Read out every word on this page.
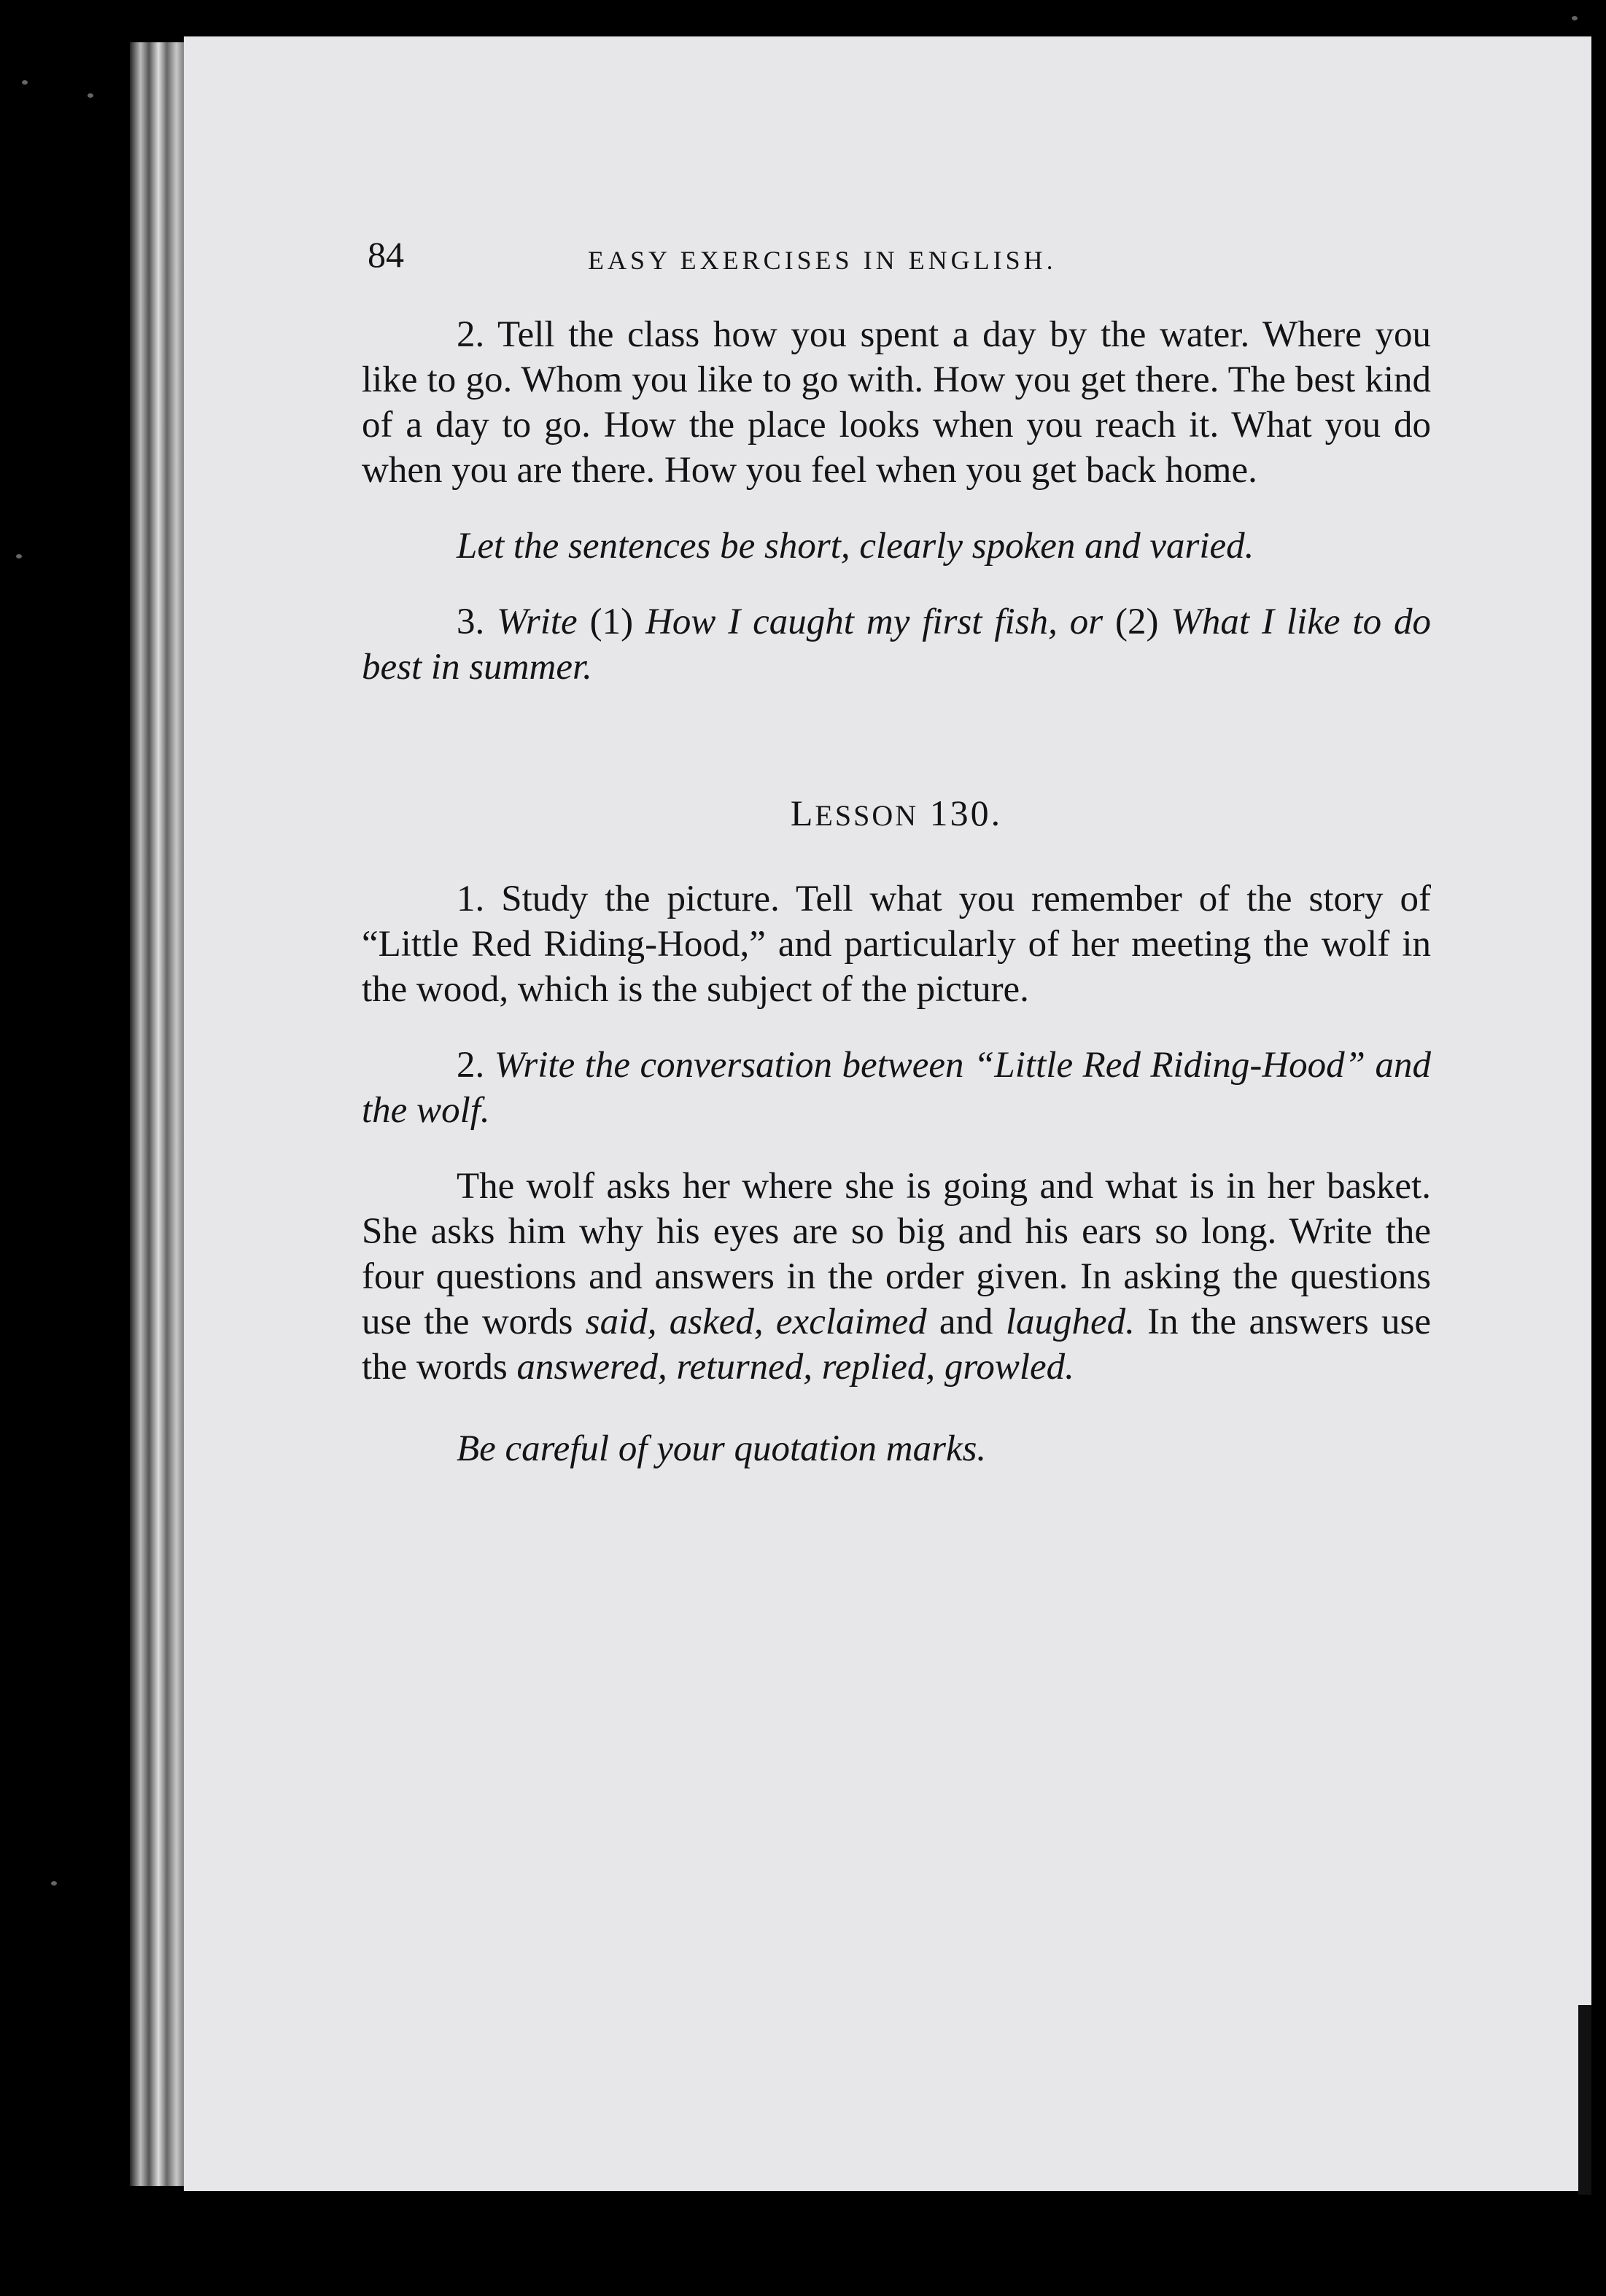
84	EASY EXERCISES IN ENGLISH.

2. Tell the class how you spent a day by the water. Where you like to go. Whom you like to go with. How you get there. The best kind of a day to go. How the place looks when you reach it. What you do when you are there. How you feel when you get back home.

Let the sentences be short, clearly spoken and varied.

3. Write (1) How I caught my first fish, or (2) What I like to do best in summer.

LESSON 130.

1. Study the picture. Tell what you remember of the story of “Little Red Riding-Hood,” and particularly of her meeting the wolf in the wood, which is the subject of the picture.

2. Write the conversation between “Little Red Riding-Hood” and the wolf.

The wolf asks her where she is going and what is in her basket. She asks him why his eyes are so big and his ears so long. Write the four questions and answers in the order given. In asking the questions use the words said, asked, exclaimed and laughed. In the answers use the words answered, returned, replied, growled.

Be careful of your quotation marks.
